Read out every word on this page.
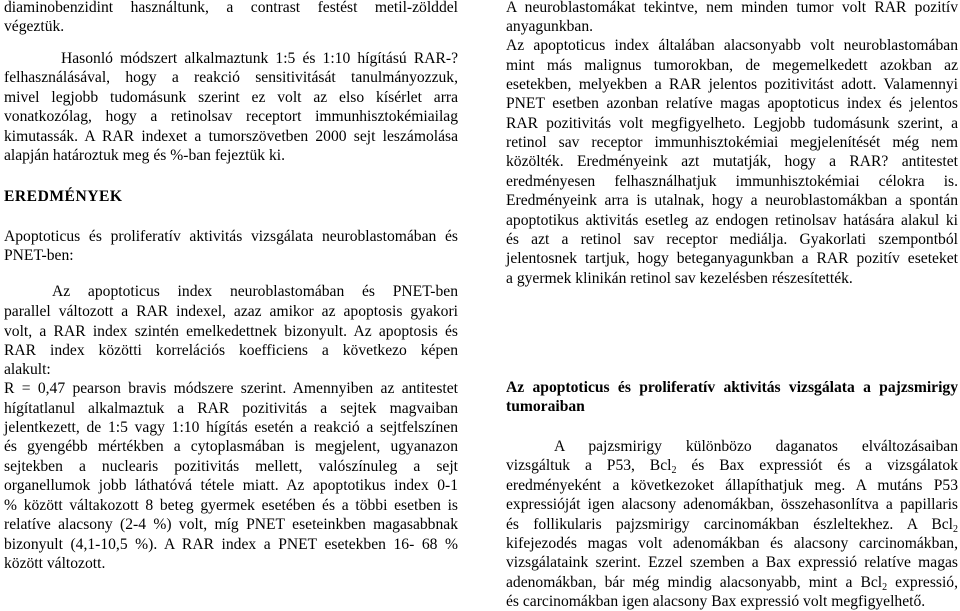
diaminobenzidint használtunk, a contrast festést metil-zölddel
végeztük.
Hasonló módszert alkalmaztunk 1:5 és 1:10 hígítású RAR-?
felhasználásával, hogy a reakció sensitivitását tanulmányozzuk,
mivel legjobb tudomásunk szerint ez volt az elso kísérlet arra
vonatkozólag, hogy a retinolsav receptort immunhisztokémiailag
kimutassák. A RAR indexet a tumorszövetben 2000 sejt leszámolása
alapján határoztuk meg és %-ban fejeztük ki.
EREDMÉNYEK
Apoptoticus és proliferatív aktivitás vizsgálata neuroblastomában és
PNET-ben:
Az apoptoticus index neuroblastomában és PNET-ben
parallel változott a RAR indexel, azaz amikor az apoptosis gyakori
volt, a RAR index szintén emelkedettnek bizonyult. Az apoptosis és
RAR index közötti korrelációs koefficiens a következo képen
alakult:
R = 0,47 pearson bravis módszere szerint. Amennyiben az antitestet
hígítatlanul alkalmaztuk a RAR pozitivitás a sejtek magvaiban
jelentkezett, de 1:5 vagy 1:10 hígítás esetén a reakció a sejtfelszínen
és gyengébb mértékben a cytoplasmában is megjelent, ugyanazon
sejtekben a nuclearis pozitivitás mellett, valószínuleg a sejt
organellumok jobb láthatóvá tétele miatt. Az apoptotikus index 0-1
% között váltakozott 8 beteg gyermek esetében és a többi esetben is
relatíve alacsony (2-4 %) volt, míg PNET eseteinkben magasabbnak
bizonyult (4,1-10,5 %). A RAR index a PNET esetekben 16- 68 %
között változott.
A neuroblastomákat tekintve, nem minden tumor volt RAR pozitív
anyagunkban.
Az apoptoticus index általában alacsonyabb volt neuroblastomában
mint más malignus tumorokban, de megemelkedett azokban az
esetekben, melyekben a RAR jelentos pozitivitást adott. Valamennyi
PNET esetben azonban relatíve magas apoptoticus index és jelentos
RAR pozitivitás volt megfigyelheto. Legjobb tudomásunk szerint, a
retinol sav receptor immunhisztokémiai megjelenítését még nem
közölték. Eredményeink azt mutatják, hogy a RAR? antitestet
eredményesen felhasználhatjuk immunhisztokémiai célokra is.
Eredményeink arra is utalnak, hogy a neuroblastomákban a spontán
apoptotikus aktivitás esetleg az endogen retinolsav hatására alakul ki
és azt a retinol sav receptor mediálja. Gyakorlati szempontból
jelentosnek tartjuk, hogy beteganyagunkban a RAR pozitív eseteket
a gyermek klinikán retinol sav kezelésben részesítették.
Az apoptoticus és proliferatív aktivitás vizsgálata a pajzsmirigy
tumoraiban
A pajzsmirigy különbözo daganatos elváltozásaiban
vizsgáltuk a P53, Bcl$_2$ és Bax expressiót és a vizsgálatok
eredményeként a következoket állapíthatjuk meg. A mutáns P53
expressióját igen alacsony adenomákban, összehasonlítva a papillaris
és follikularis pajzsmirigy carcinomákban észleltekhez. A Bcl$_2$
kifejezodés magas volt adenomákban és alacsony carcinomákban,
vizsgálataink szerint. Ezzel szemben a Bax expressió relatíve magas
adenomákban, bár még mindig alacsonyabb, mint a Bcl$_2$ expressió,
és carcinomákban igen alacsony Bax expressió volt megfigyelhető.
